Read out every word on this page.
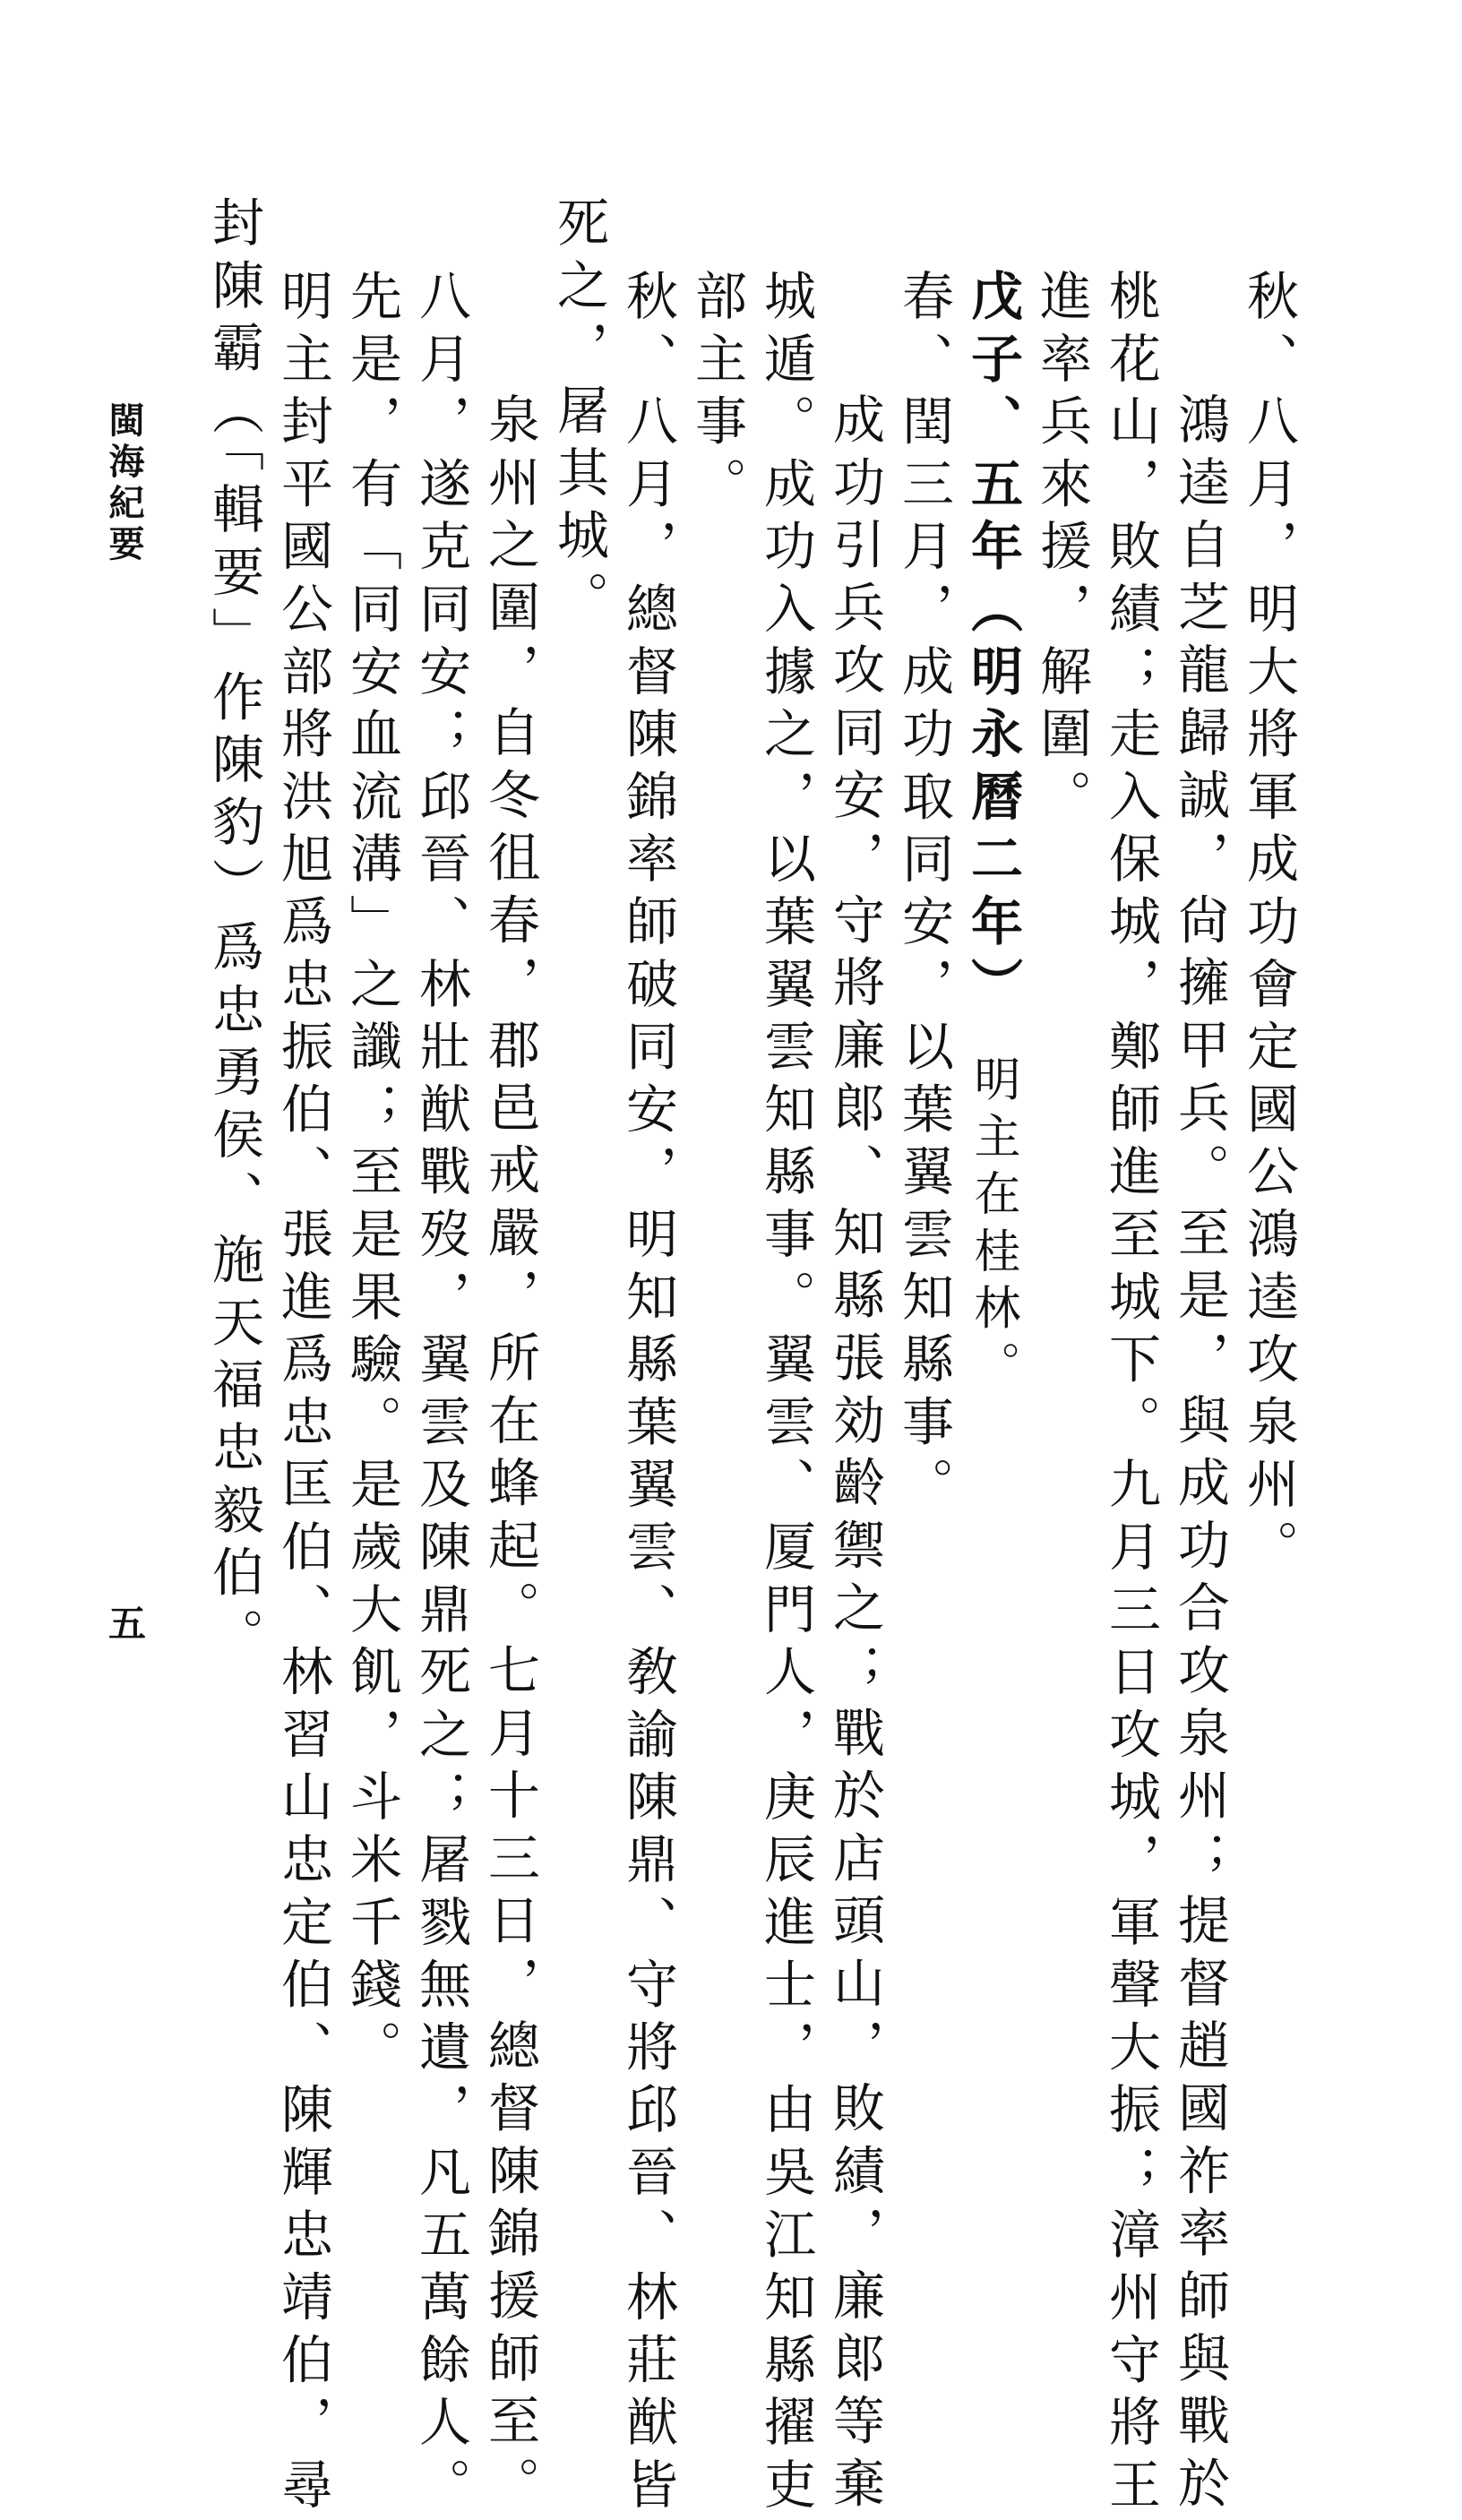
秋、八月，明大將軍成功會定國公鴻逵攻泉州。
鴻逵自芝龍歸誠，尙擁甲兵。至是，與成功合攻泉州；提督趙國祚率師與戰於
桃花山，敗績；走入保城，鄭師進至城下。九月三日攻城，軍聲大振；漳州守將王
進率兵來援，解圍。
戊子、五年（明永曆二年）明主在桂林。
春、閏三月，成功取同安，以葉翼雲知縣事。
成功引兵攻同安，守將廉郞、知縣張効齡禦之；戰於店頭山，敗績，廉郞等棄
城遁。成功入據之，以葉翼雲知縣事。翼雲、厦門人，庚辰進士，由吳江知縣擢吏
部主事。
秋、八月，總督陳錦率師破同安，明知縣葉翼雲、敎諭陳鼎、守將邱晉、林莊猷皆
死之，屠其城。
泉州之圍，自冬徂春，郡邑戒嚴，所在蜂起。七月十三日，總督陳錦援師至。
八月，遂克同安；邱晉、林壯猷戰歿，翼雲及陳鼎死之；屠戮無遺，凡五萬餘人。
先是，有「同安血流溝」之讖；至是果驗。是歲大飢，斗米千錢。
明主封平國公部將洪旭爲忠振伯、張進爲忠匡伯、林習山忠定伯、陳輝忠靖伯，尋
封陳霸（「輯要」作陳豹）爲忠勇侯、施天福忠毅伯。
閩海紀要
五
